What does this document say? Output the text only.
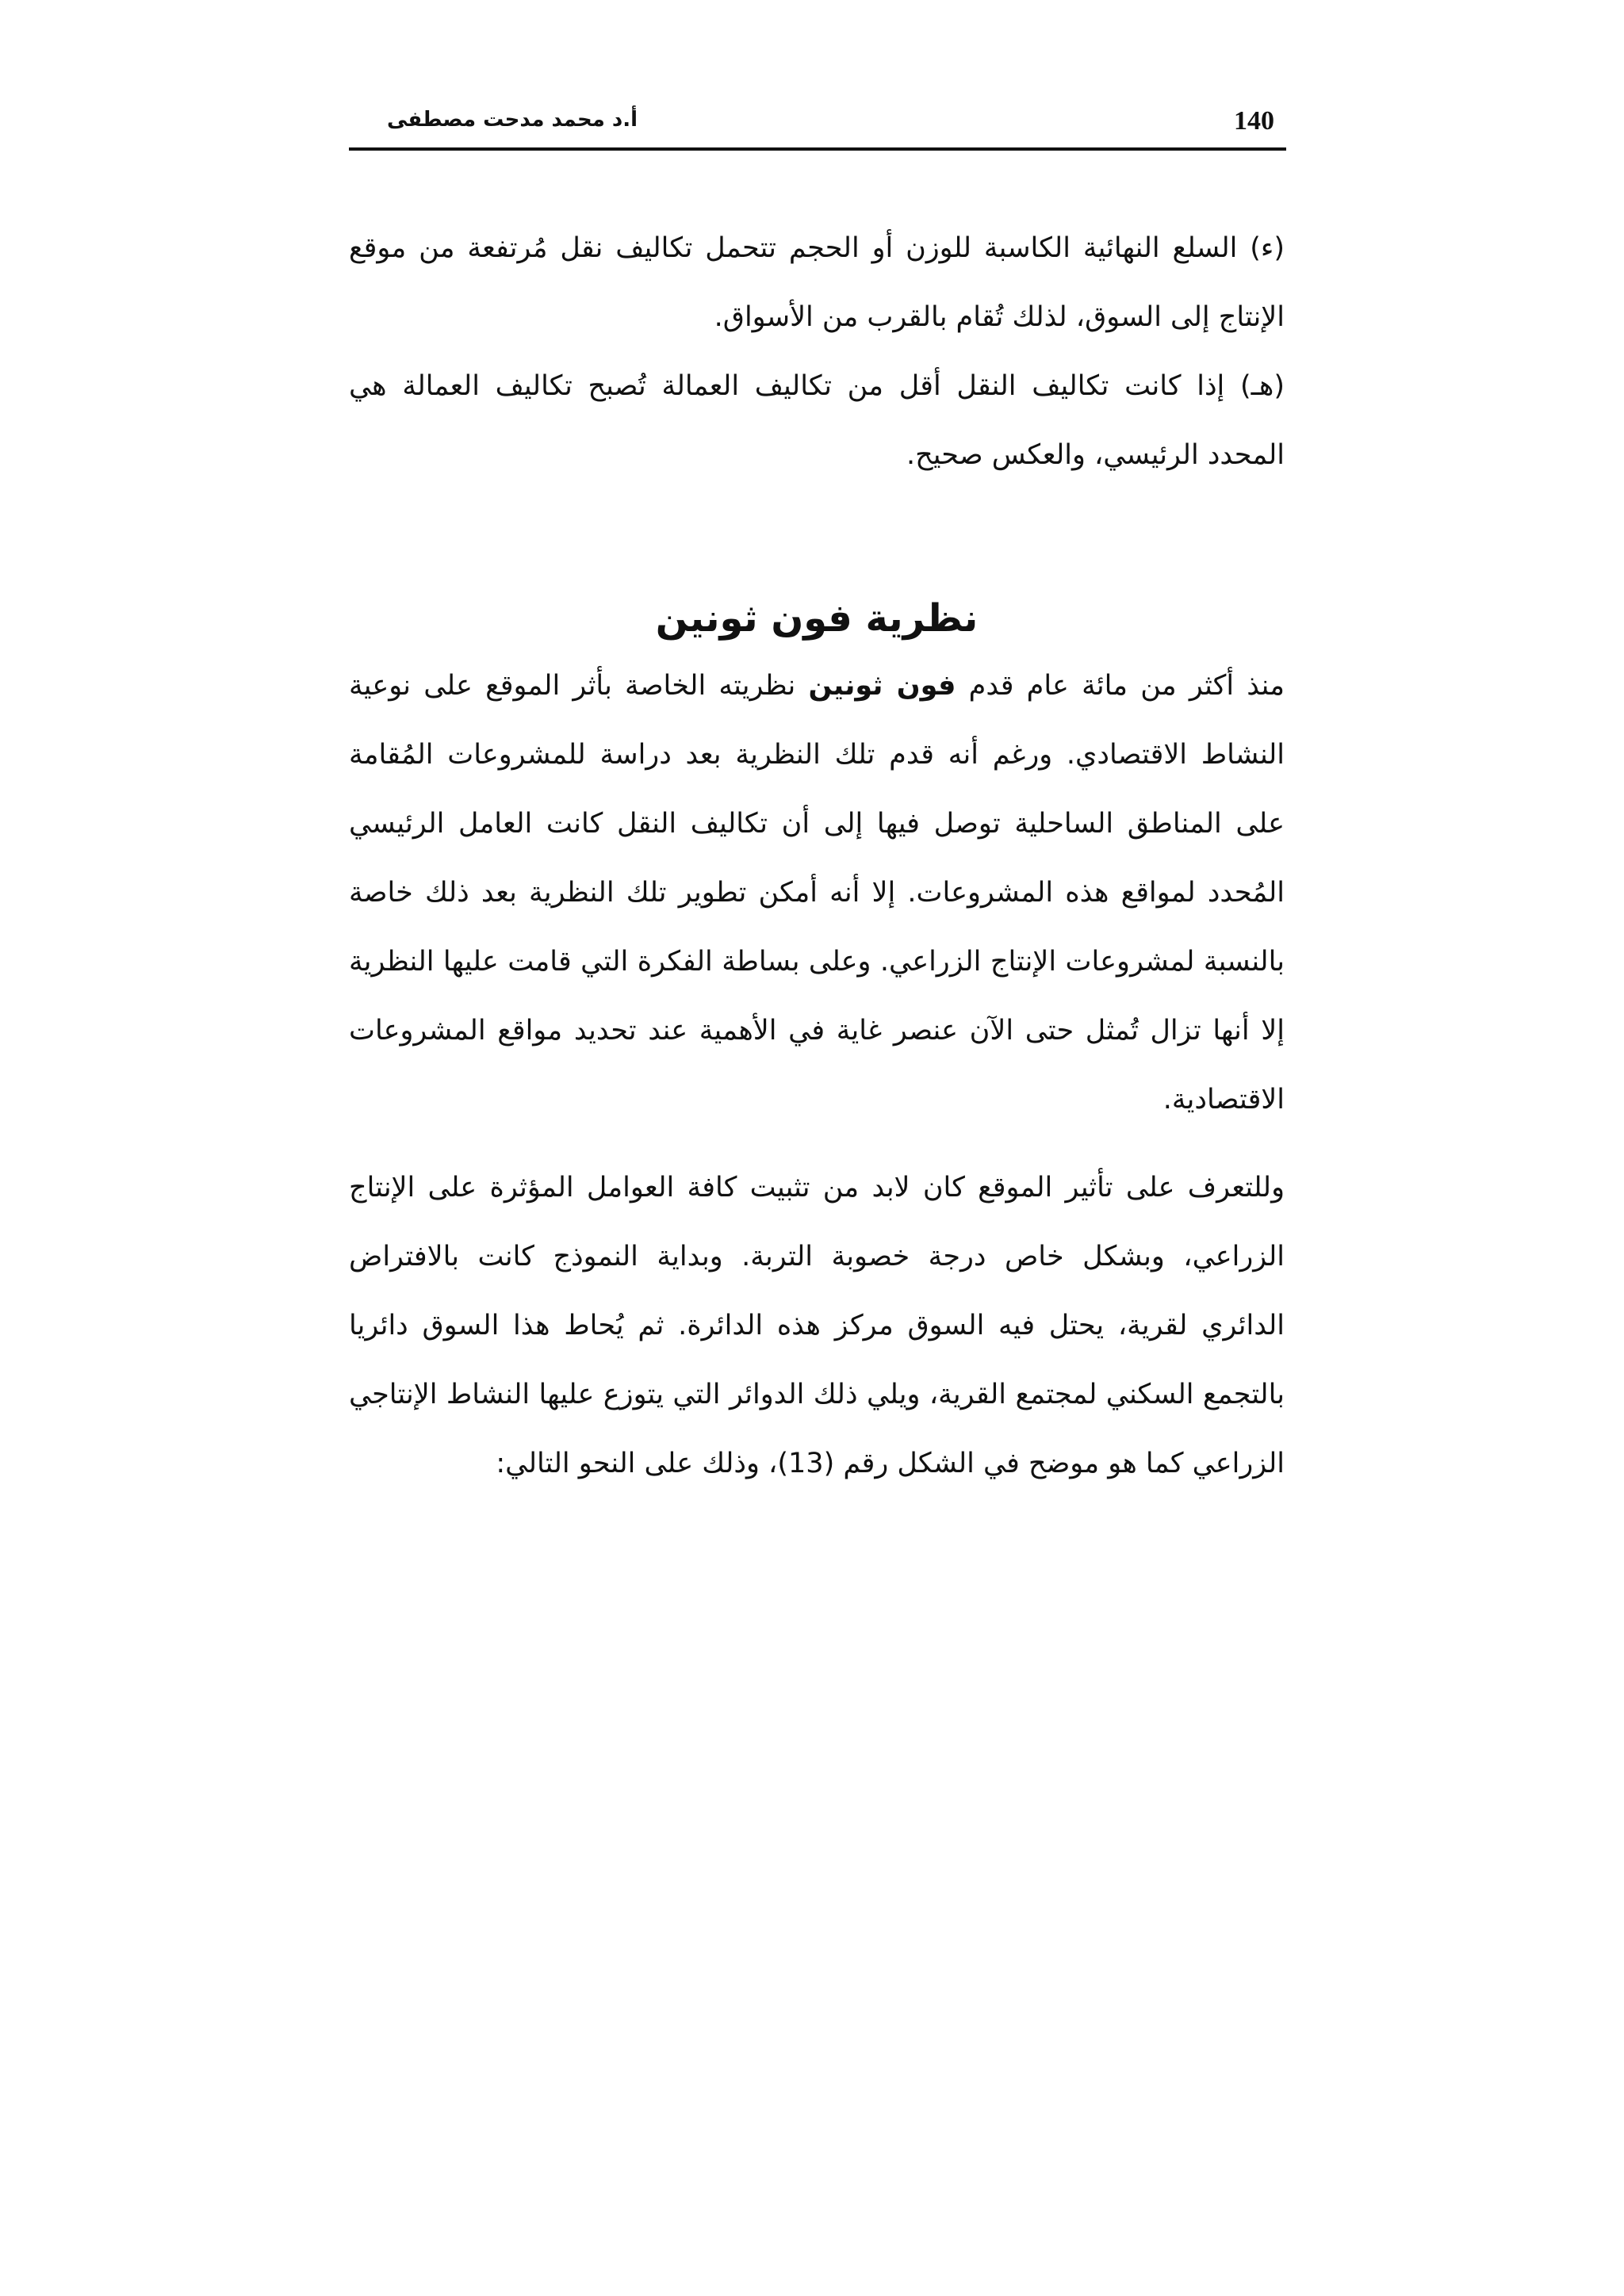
140
أ.د محمد مدحت مصطفى

(ء) السلع النهائية الكاسبة للوزن أو الحجم تتحمل تكاليف نقل مُرتفعة من موقع الإنتاج إلى السوق، لذلك تُقام بالقرب من الأسواق.

(هـ) إذا كانت تكاليف النقل أقل من تكاليف العمالة تُصبح تكاليف العمالة هي المحدد الرئيسي، والعكس صحيح.

نظرية فون ثونين

منذ أكثر من مائة عام قدم فون ثونين نظريته الخاصة بأثر الموقع على نوعية النشاط الاقتصادي. ورغم أنه قدم تلك النظرية بعد دراسة للمشروعات المُقامة على المناطق الساحلية توصل فيها إلى أن تكاليف النقل كانت العامل الرئيسي المُحدد لمواقع هذه المشروعات. إلا أنه أمكن تطوير تلك النظرية بعد ذلك خاصة بالنسبة لمشروعات الإنتاج الزراعي. وعلى بساطة الفكرة التي قامت عليها النظرية إلا أنها تزال تُمثل حتى الآن عنصر غاية في الأهمية عند تحديد مواقع المشروعات الاقتصادية.

وللتعرف على تأثير الموقع كان لابد من تثبيت كافة العوامل المؤثرة على الإنتاج الزراعي، وبشكل خاص درجة خصوبة التربة. وبداية النموذج كانت بالافتراض الدائري لقرية، يحتل فيه السوق مركز هذه الدائرة. ثم يُحاط هذا السوق دائريا بالتجمع السكني لمجتمع القرية، ويلي ذلك الدوائر التي يتوزع عليها النشاط الإنتاجي الزراعي كما هو موضح في الشكل رقم (13)، وذلك على النحو التالي:
